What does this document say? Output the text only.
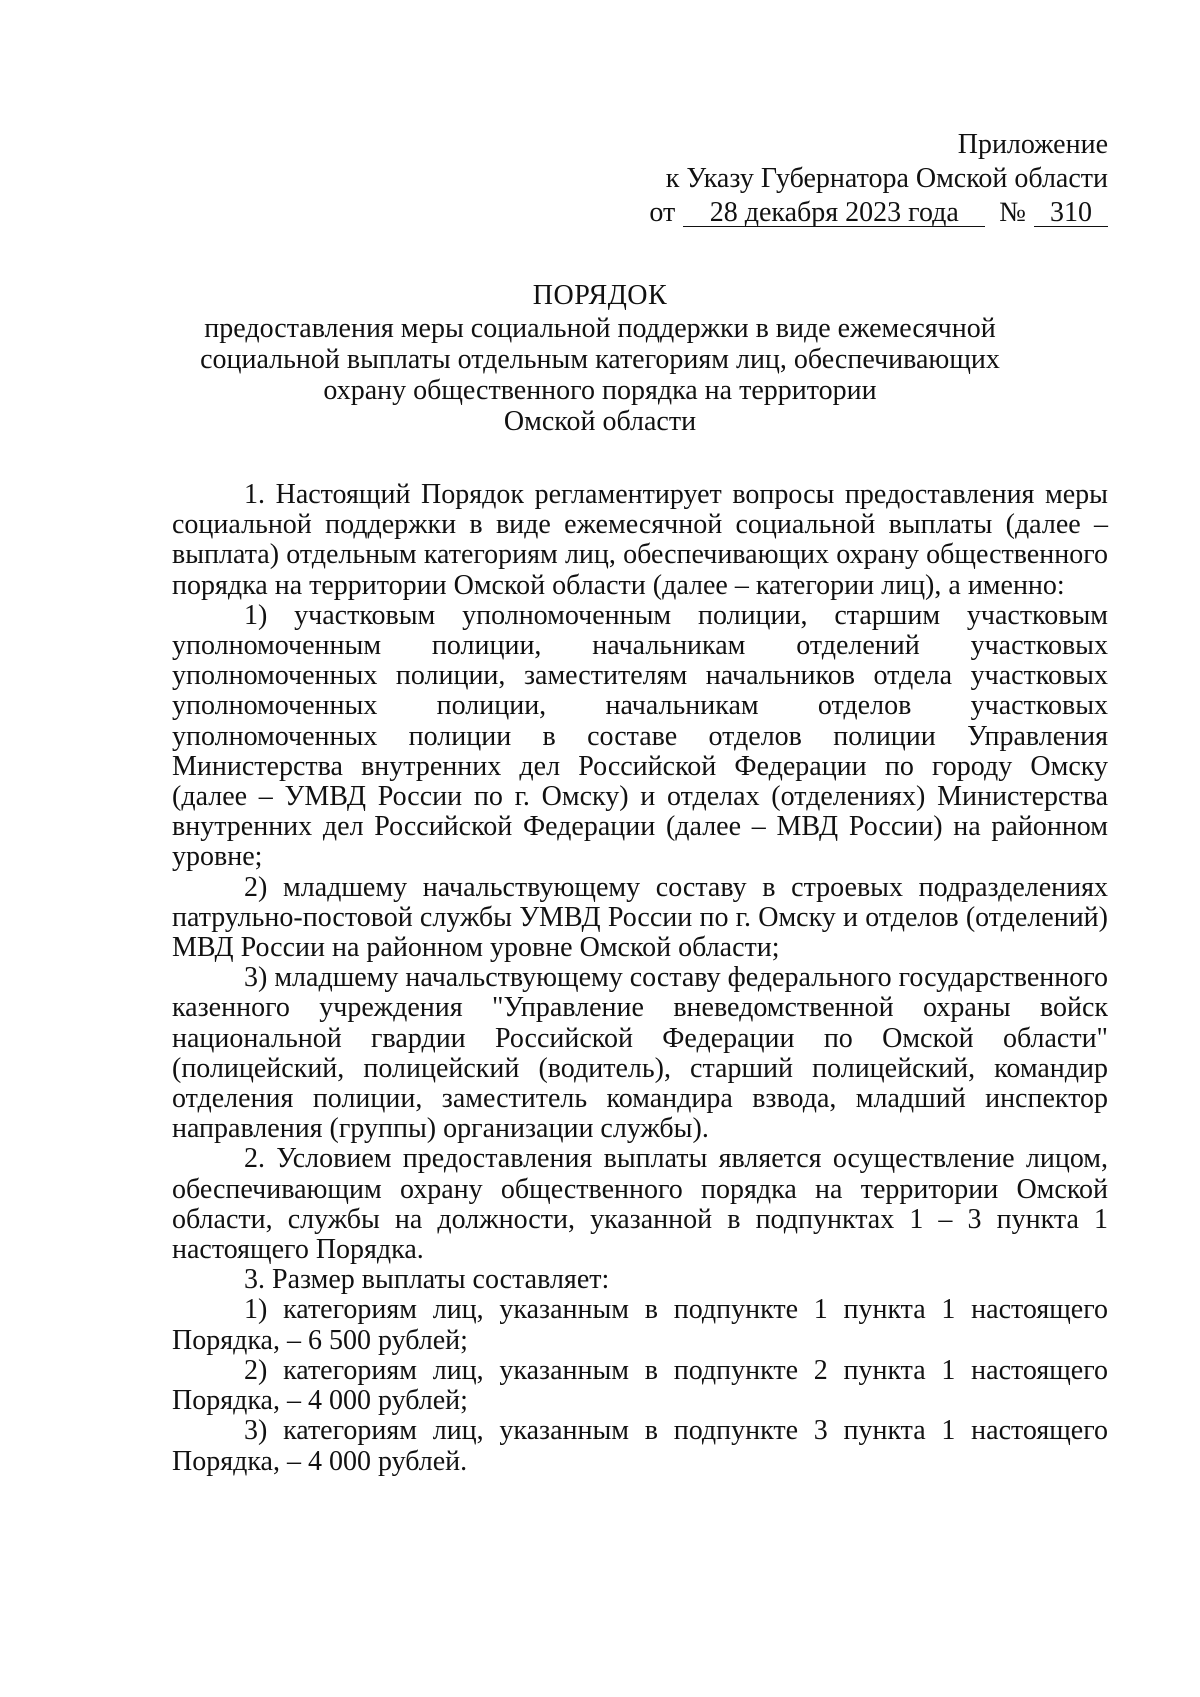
Приложение
к Указу Губернатора Омской области
от	28 декабря 2023 года	№ 310
ПОРЯДОК
предоставления меры социальной поддержки в виде ежемесячной
социальной выплаты отдельным категориям лиц, обеспечивающих
охрану общественного порядка на территории
Омской области

1. Настоящий Порядок регламентирует вопросы предоставления меры социальной поддержки в виде ежемесячной социальной выплаты (далее – выплата) отдельным категориям лиц, обеспечивающих охрану общественного порядка на территории Омской области (далее – категории лиц), а именно:

1) участковым уполномоченным полиции, старшим участковым уполномоченным полиции, начальникам отделений участковых уполномоченных полиции, заместителям начальников отдела участковых уполномоченных полиции, начальникам отделов участковых уполномоченных полиции в составе отделов полиции Управления Министерства внутренних дел Российской Федерации по городу Омску (далее – УМВД России по г. Омску) и отделах (отделениях) Министерства внутренних дел Российской Федерации (далее – МВД России) на районном уровне;

2) младшему начальствующему составу в строевых подразделениях патрульно-постовой службы УМВД России по г. Омску и отделов (отделений) МВД России на районном уровне Омской области;

3) младшему начальствующему составу федерального государственного казенного учреждения "Управление вневедомственной охраны войск национальной гвардии Российской Федерации по Омской области" (полицейский, полицейский (водитель), старший полицейский, командир отделения полиции, заместитель командира взвода, младший инспектор направления (группы) организации службы).

2. Условием предоставления выплаты является осуществление лицом, обеспечивающим охрану общественного порядка на территории Омской области, службы на должности, указанной в подпунктах 1 – 3 пункта 1 настоящего Порядка.

3. Размер выплаты составляет:

1) категориям лиц, указанным в подпункте 1 пункта 1 настоящего Порядка, – 6 500 рублей;

2) категориям лиц, указанным в подпункте 2 пункта 1 настоящего Порядка, – 4 000 рублей;

3) категориям лиц, указанным в подпункте 3 пункта 1 настоящего Порядка, – 4 000 рублей.
